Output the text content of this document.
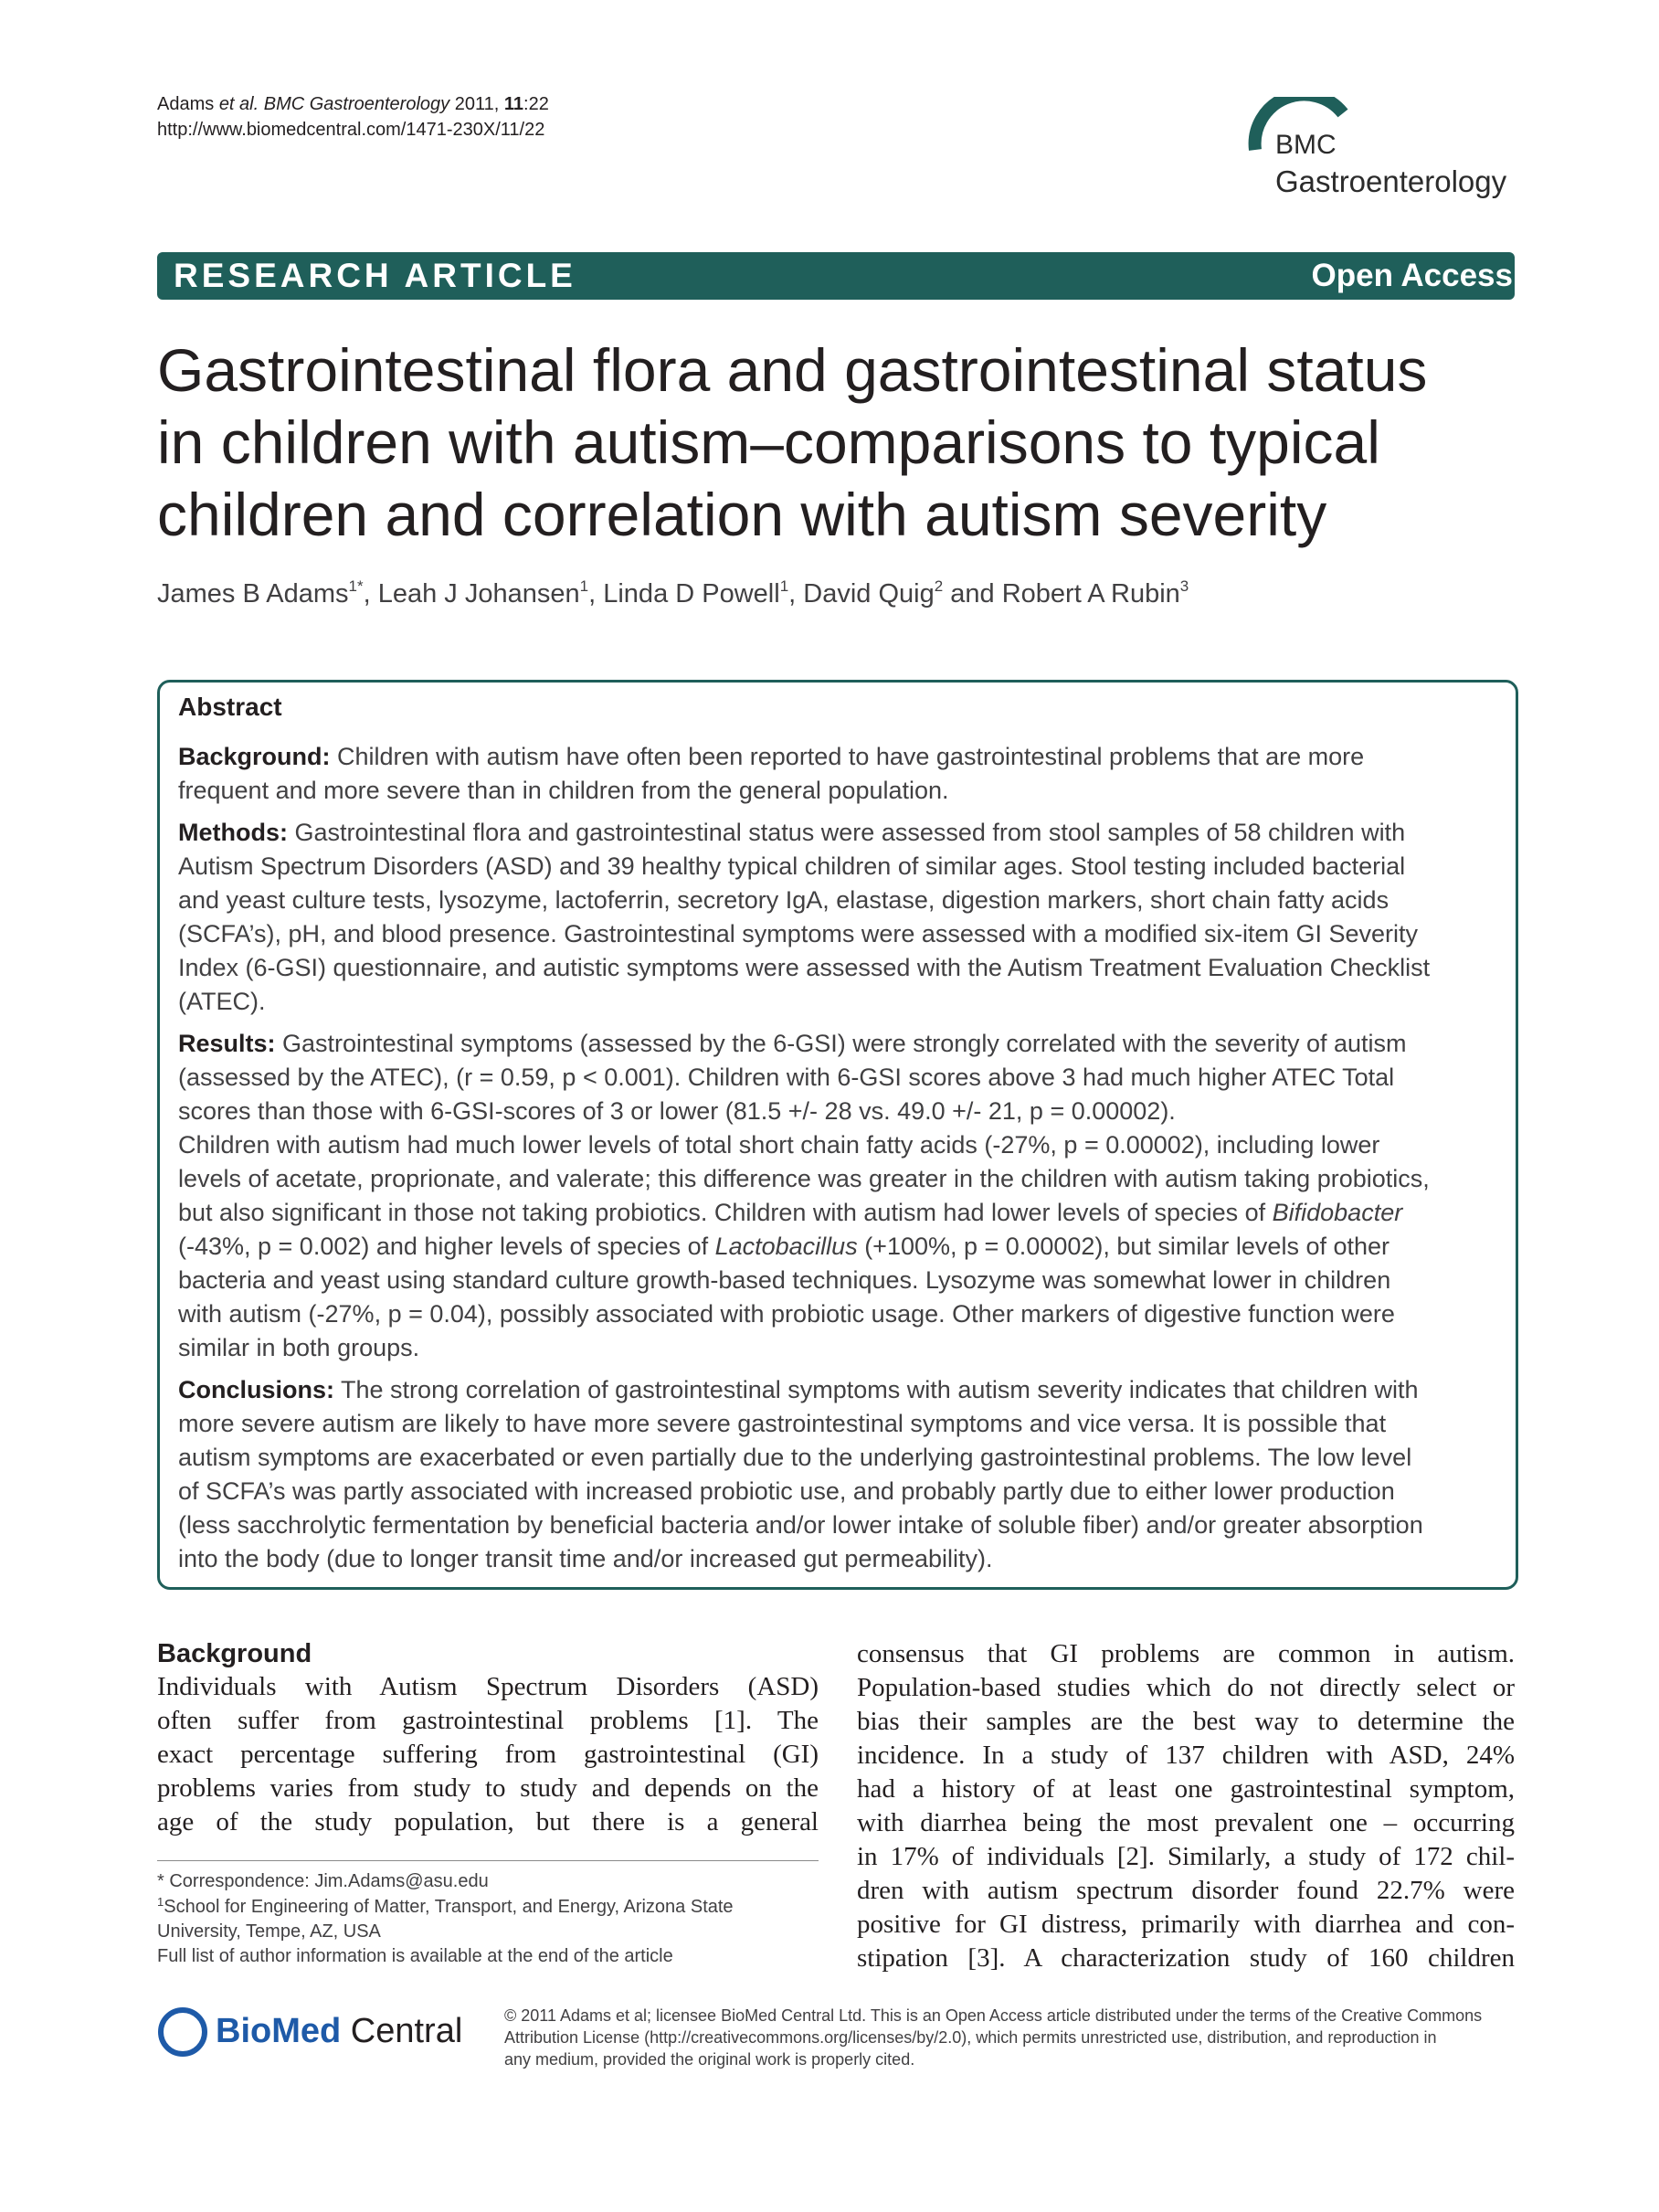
Adams et al. BMC Gastroenterology 2011, 11:22
http://www.biomedcentral.com/1471-230X/11/22	BMC
Gastroenterology
RESEARCH ARTICLE	Open Access
Gastrointestinal flora and gastrointestinal status
in children with autism–comparisons to typical
children and correlation with autism severity
James B Adams$^{1*}$, Leah J Johansen$^1$, Linda D Powell$^1$, David Quig$^2$ and Robert A Rubin$^3$
Abstract
Background: Children with autism have often been reported to have gastrointestinal problems that are more
frequent and more severe than in children from the general population.
Methods: Gastrointestinal flora and gastrointestinal status were assessed from stool samples of 58 children with
Autism Spectrum Disorders (ASD) and 39 healthy typical children of similar ages. Stool testing included bacterial
and yeast culture tests, lysozyme, lactoferrin, secretory IgA, elastase, digestion markers, short chain fatty acids
(SCFA’s), pH, and blood presence. Gastrointestinal symptoms were assessed with a modified six-item GI Severity
Index (6-GSI) questionnaire, and autistic symptoms were assessed with the Autism Treatment Evaluation Checklist
(ATEC).
Results: Gastrointestinal symptoms (assessed by the 6-GSI) were strongly correlated with the severity of autism
(assessed by the ATEC), (r = 0.59, p < 0.001). Children with 6-GSI scores above 3 had much higher ATEC Total
scores than those with 6-GSI-scores of 3 or lower (81.5 +/- 28 vs. 49.0 +/- 21, p = 0.00002).
Children with autism had much lower levels of total short chain fatty acids (-27%, p = 0.00002), including lower
levels of acetate, proprionate, and valerate; this difference was greater in the children with autism taking probiotics,
but also significant in those not taking probiotics. Children with autism had lower levels of species of Bifidobacter
(-43%, p = 0.002) and higher levels of species of Lactobacillus (+100%, p = 0.00002), but similar levels of other
bacteria and yeast using standard culture growth-based techniques. Lysozyme was somewhat lower in children
with autism (-27%, p = 0.04), possibly associated with probiotic usage. Other markers of digestive function were
similar in both groups.
Conclusions: The strong correlation of gastrointestinal symptoms with autism severity indicates that children with
more severe autism are likely to have more severe gastrointestinal symptoms and vice versa. It is possible that
autism symptoms are exacerbated or even partially due to the underlying gastrointestinal problems. The low level
of SCFA’s was partly associated with increased probiotic use, and probably partly due to either lower production
(less sacchrolytic fermentation by beneficial bacteria and/or lower intake of soluble fiber) and/or greater absorption
into the body (due to longer transit time and/or increased gut permeability).
Background
Individuals with Autism Spectrum Disorders (ASD)
often suffer from gastrointestinal problems [1]. The
exact percentage suffering from gastrointestinal (GI)
problems varies from study to study and depends on the
age of the study population, but there is a general
consensus that GI problems are common in autism.
Population-based studies which do not directly select or
bias their samples are the best way to determine the
incidence. In a study of 137 children with ASD, 24%
had a history of at least one gastrointestinal symptom,
with diarrhea being the most prevalent one – occurring
in 17% of individuals [2]. Similarly, a study of 172 chil-
dren with autism spectrum disorder found 22.7% were
positive for GI distress, primarily with diarrhea and con-
stipation [3]. A characterization study of 160 children
* Correspondence: Jim.Adams@asu.edu
$^1$School for Engineering of Matter, Transport, and Energy, Arizona State
University, Tempe, AZ, USA
Full list of author information is available at the end of the article
BioMed Central	© 2011 Adams et al; licensee BioMed Central Ltd. This is an Open Access article distributed under the terms of the Creative Commons
Attribution License (http://creativecommons.org/licenses/by/2.0), which permits unrestricted use, distribution, and reproduction in
any medium, provided the original work is properly cited.
